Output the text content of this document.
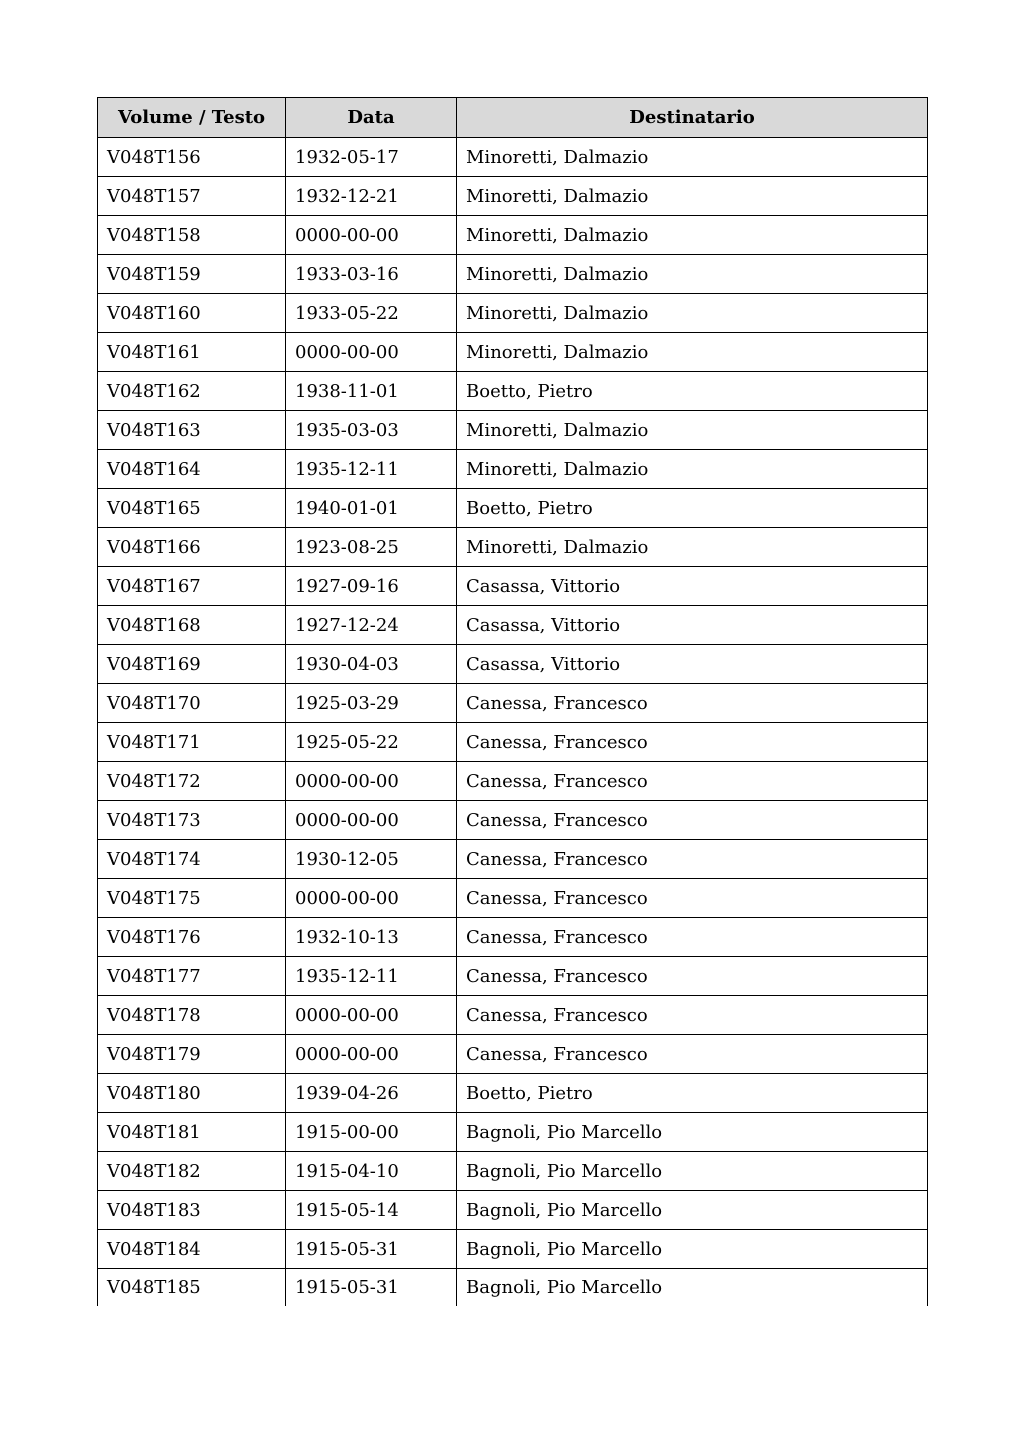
Volume / Testo	Data	Destinatario
V048T156	1932-05-17	Minoretti, Dalmazio
V048T157	1932-12-21	Minoretti, Dalmazio
V048T158	0000-00-00	Minoretti, Dalmazio
V048T159	1933-03-16	Minoretti, Dalmazio
V048T160	1933-05-22	Minoretti, Dalmazio
V048T161	0000-00-00	Minoretti, Dalmazio
V048T162	1938-11-01	Boetto, Pietro
V048T163	1935-03-03	Minoretti, Dalmazio
V048T164	1935-12-11	Minoretti, Dalmazio
V048T165	1940-01-01	Boetto, Pietro
V048T166	1923-08-25	Minoretti, Dalmazio
V048T167	1927-09-16	Casassa, Vittorio
V048T168	1927-12-24	Casassa, Vittorio
V048T169	1930-04-03	Casassa, Vittorio
V048T170	1925-03-29	Canessa, Francesco
V048T171	1925-05-22	Canessa, Francesco
V048T172	0000-00-00	Canessa, Francesco
V048T173	0000-00-00	Canessa, Francesco
V048T174	1930-12-05	Canessa, Francesco
V048T175	0000-00-00	Canessa, Francesco
V048T176	1932-10-13	Canessa, Francesco
V048T177	1935-12-11	Canessa, Francesco
V048T178	0000-00-00	Canessa, Francesco
V048T179	0000-00-00	Canessa, Francesco
V048T180	1939-04-26	Boetto, Pietro
V048T181	1915-00-00	Bagnoli, Pio Marcello
V048T182	1915-04-10	Bagnoli, Pio Marcello
V048T183	1915-05-14	Bagnoli, Pio Marcello
V048T184	1915-05-31	Bagnoli, Pio Marcello
V048T185	1915-05-31	Bagnoli, Pio Marcello
